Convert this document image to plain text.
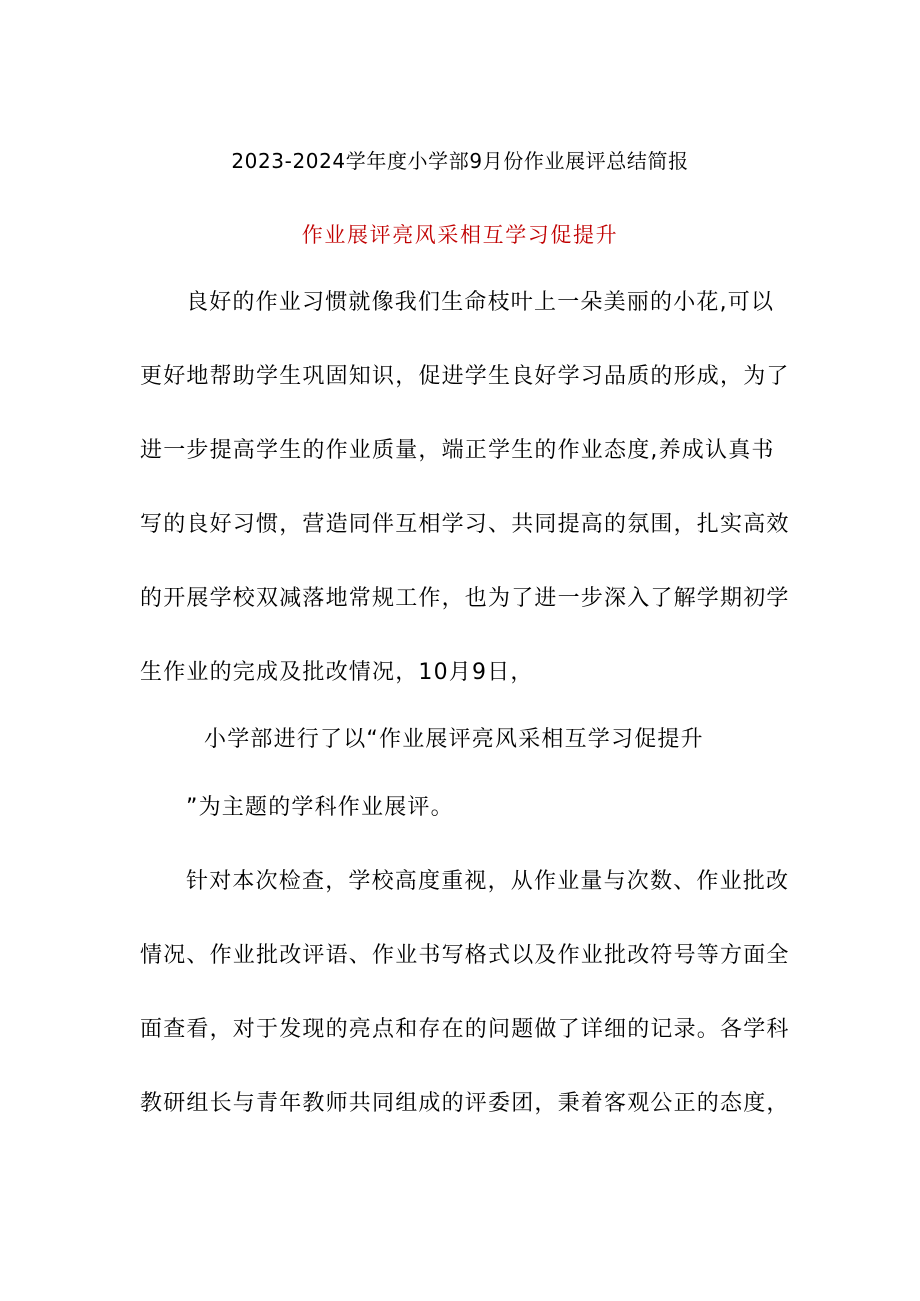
2023-2024学年度小学部9月份作业展评总结简报
作业展评亮风采相互学习促提升
良好的作业习惯就像我们生命枝叶上一朵美丽的小花,可以
更好地帮助学生巩固知识，促进学生良好学习品质的形成，为了
进一步提高学生的作业质量，端正学生的作业态度,养成认真书
写的良好习惯，营造同伴互相学习、共同提高的氛围，扎实高效
的开展学校双减落地常规工作，也为了进一步深入了解学期初学
生作业的完成及批改情况，10月9日，
小学部进行了以“作业展评亮风采相互学习促提升
”为主题的学科作业展评。
针对本次检查，学校高度重视，从作业量与次数、作业批改
情况、作业批改评语、作业书写格式以及作业批改符号等方面全
面查看，对于发现的亮点和存在的问题做了详细的记录。各学科
教研组长与青年教师共同组成的评委团，秉着客观公正的态度，
